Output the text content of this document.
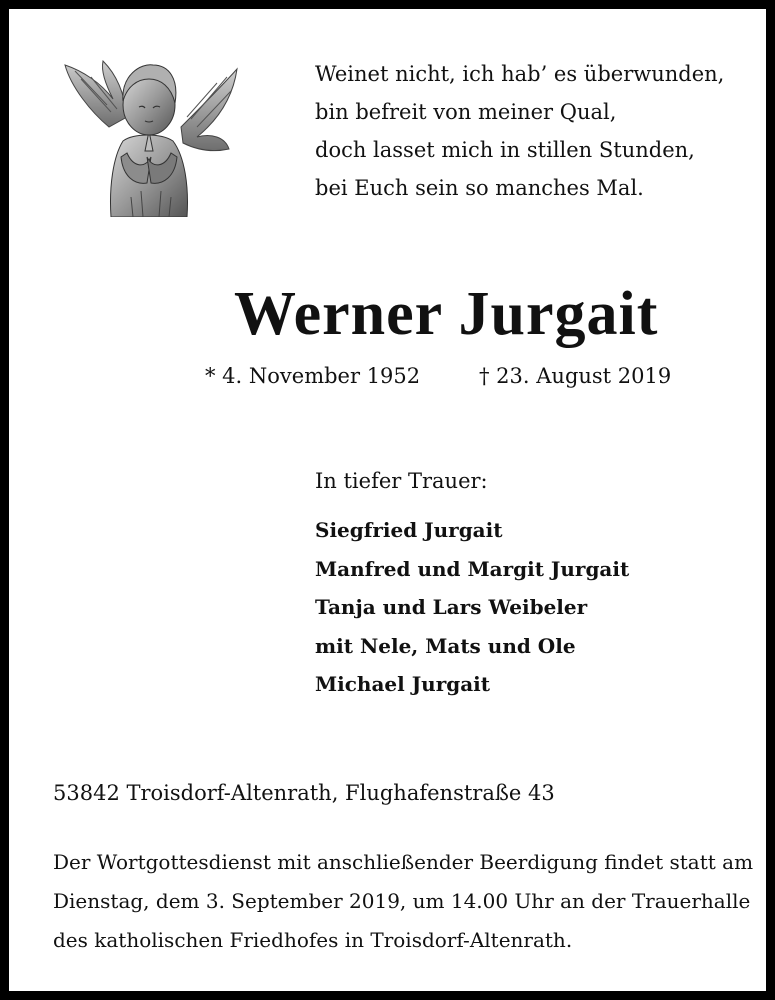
Weinet nicht, ich hab’ es überwunden,
bin befreit von meiner Qual,
doch lasset mich in stillen Stunden,
bei Euch sein so manches Mal.
Werner Jurgait
* 4. November 1952	† 23. August 2019
In tiefer Trauer:
Siegfried Jurgait
Manfred und Margit Jurgait
Tanja und Lars Weibeler
mit Nele, Mats und Ole
Michael Jurgait
53842 Troisdorf-Altenrath, Flughafenstraße 43
Der Wortgottesdienst mit anschließender Beerdigung findet statt am
Dienstag, dem 3. September 2019, um 14.00 Uhr an der Trauerhalle
des katholischen Friedhofes in Troisdorf-Altenrath.
